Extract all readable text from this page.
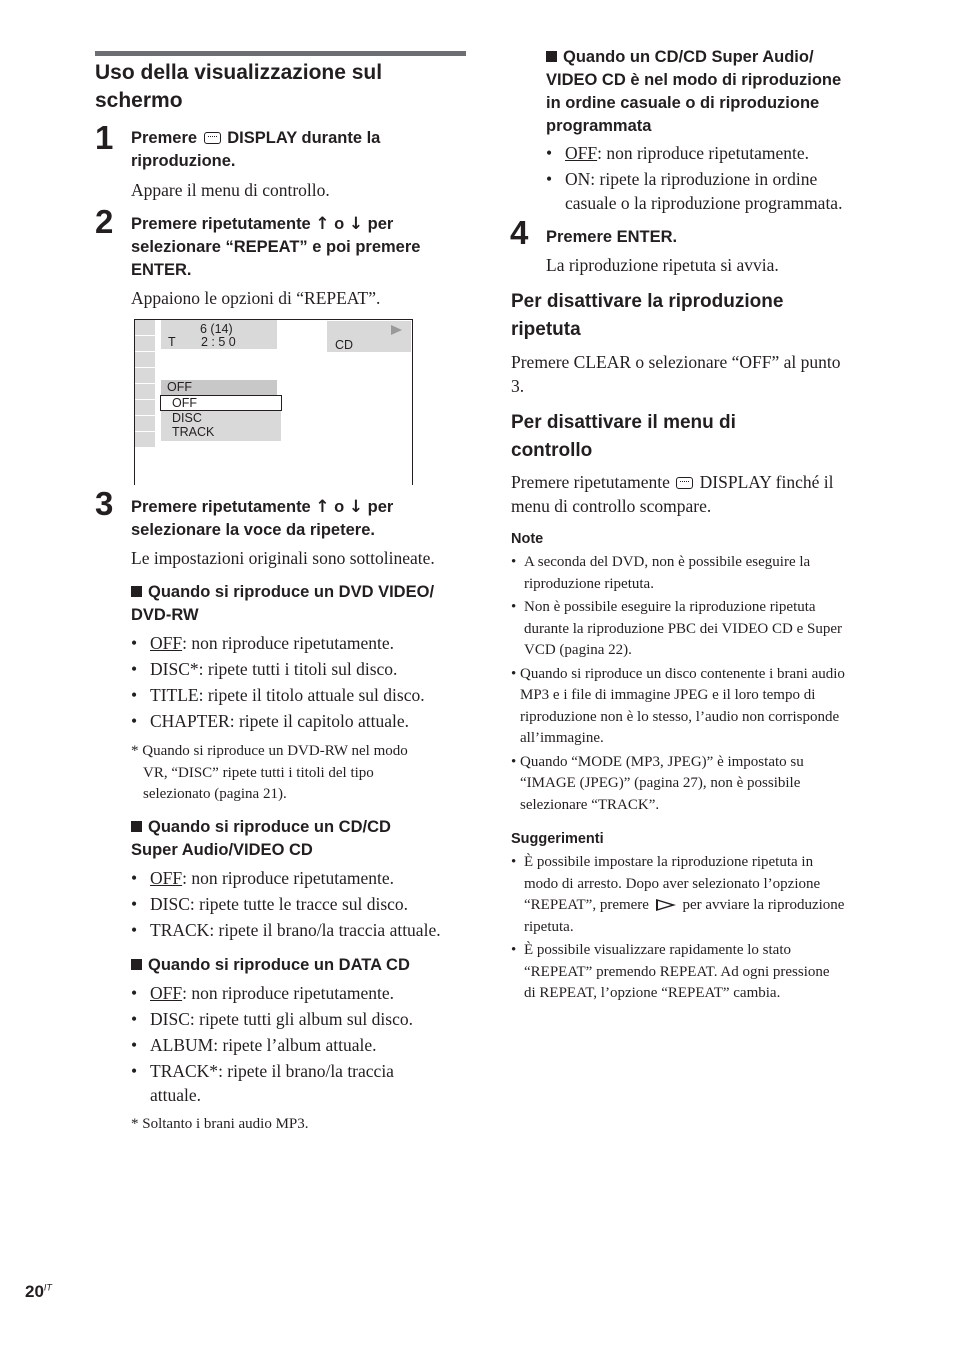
Uso della visualizzazione sul
schermo
1 Premere  DISPLAY durante la
riproduzione.
Appare il menu di controllo.
2 Premere ripetutamente ↑ o ↓ per
selezionare “REPEAT” e poi premere
ENTER.
Appaiono le opzioni di “REPEAT”.
6 (14)
T 2 : 5 0	CD
OFF
OFF
DISC
TRACK
3 Premere ripetutamente ↑ o ↓ per
selezionare la voce da ripetere.
Le impostazioni originali sono sottolineate.
Quando si riproduce un DVD VIDEO/
DVD-RW
• OFF: non riproduce ripetutamente.
• DISC*: ripete tutti i titoli sul disco.
• TITLE: ripete il titolo attuale sul disco.
• CHAPTER: ripete il capitolo attuale.
* Quando si riproduce un DVD-RW nel modo
VR, “DISC” ripete tutti i titoli del tipo
selezionato (pagina 21).
Quando si riproduce un CD/CD
Super Audio/VIDEO CD
• OFF: non riproduce ripetutamente.
• DISC: ripete tutte le tracce sul disco.
• TRACK: ripete il brano/la traccia attuale.
Quando si riproduce un DATA CD
• OFF: non riproduce ripetutamente.
• DISC: ripete tutti gli album sul disco.
• ALBUM: ripete l’album attuale.
• TRACK*: ripete il brano/la traccia
attuale.
* Soltanto i brani audio MP3.
Quando un CD/CD Super Audio/
VIDEO CD è nel modo di riproduzione
in ordine casuale o di riproduzione
programmata
• OFF: non riproduce ripetutamente.
• ON: ripete la riproduzione in ordine
casuale o la riproduzione programmata.
4 Premere ENTER.
La riproduzione ripetuta si avvia.
Per disattivare la riproduzione
ripetuta
Premere CLEAR o selezionare “OFF” al punto
3.
Per disattivare il menu di
controllo
Premere ripetutamente  DISPLAY finché il
menu di controllo scompare.
Note
• A seconda del DVD, non è possibile eseguire la
riproduzione ripetuta.
• Non è possibile eseguire la riproduzione ripetuta
durante la riproduzione PBC dei VIDEO CD e Super
VCD (pagina 22).
• Quando si riproduce un disco contenente i brani audio
MP3 e i file di immagine JPEG e il loro tempo di
riproduzione non è lo stesso, l’audio non corrisponde
all’immagine.
• Quando “MODE (MP3, JPEG)” è impostato su
“IMAGE (JPEG)” (pagina 27), non è possibile
selezionare “TRACK”.
Suggerimenti
• È possibile impostare la riproduzione ripetuta in
modo di arresto. Dopo aver selezionato l’opzione
“REPEAT”, premere  per avviare la riproduzione
ripetuta.
• È possibile visualizzare rapidamente lo stato
“REPEAT” premendo REPEAT. Ad ogni pressione
di REPEAT, l’opzione “REPEAT” cambia.
$20^{IT}$
